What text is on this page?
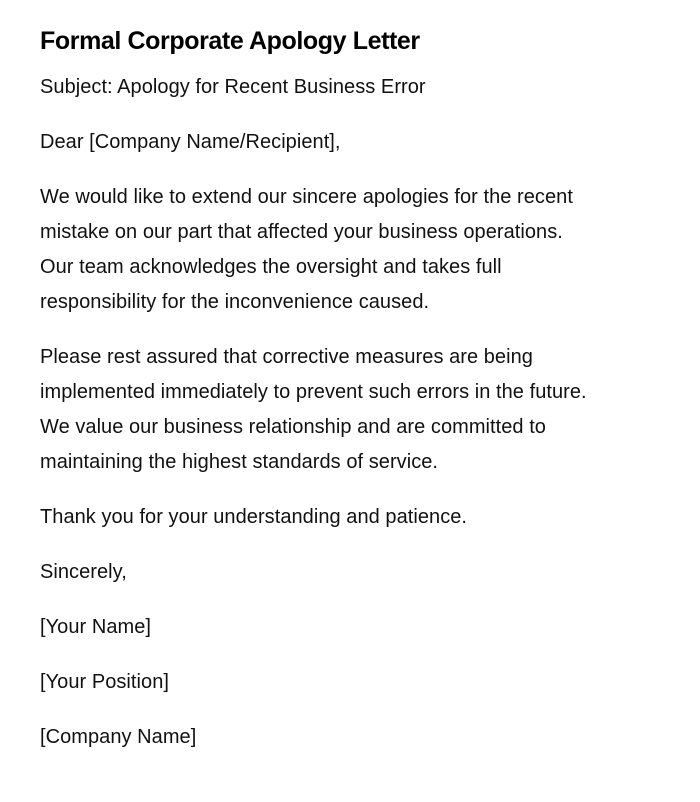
Formal Corporate Apology Letter

Subject: Apology for Recent Business Error

Dear [Company Name/Recipient],

We would like to extend our sincere apologies for the recent
mistake on our part that affected your business operations.
Our team acknowledges the oversight and takes full
responsibility for the inconvenience caused.

Please rest assured that corrective measures are being
implemented immediately to prevent such errors in the future.
We value our business relationship and are committed to
maintaining the highest standards of service.

Thank you for your understanding and patience.

Sincerely,

[Your Name]

[Your Position]

[Company Name]
